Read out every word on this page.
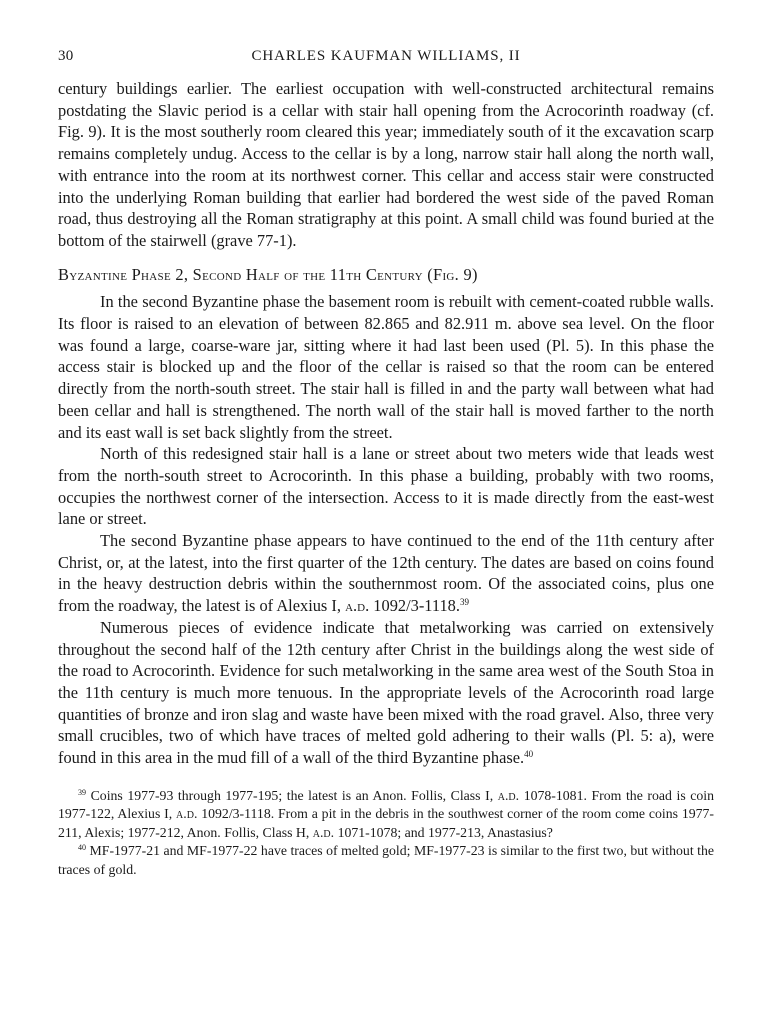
30	CHARLES KAUFMAN WILLIAMS, II

century buildings earlier. The earliest occupation with well-constructed architectural remains postdating the Slavic period is a cellar with stair hall opening from the Acrocorinth roadway (cf. Fig. 9). It is the most southerly room cleared this year; immediately south of it the excavation scarp remains completely undug. Access to the cellar is by a long, narrow stair hall along the north wall, with entrance into the room at its northwest corner. This cellar and access stair were constructed into the underlying Roman building that earlier had bordered the west side of the paved Roman road, thus destroying all the Roman stratigraphy at this point. A small child was found buried at the bottom of the stairwell (grave 77-1).

Byzantine Phase 2, Second Half of the 11th Century (Fig. 9)

In the second Byzantine phase the basement room is rebuilt with cement-coated rubble walls. Its floor is raised to an elevation of between 82.865 and 82.911 m. above sea level. On the floor was found a large, coarse-ware jar, sitting where it had last been used (Pl. 5). In this phase the access stair is blocked up and the floor of the cellar is raised so that the room can be entered directly from the north-south street. The stair hall is filled in and the party wall between what had been cellar and hall is strengthened. The north wall of the stair hall is moved farther to the north and its east wall is set back slightly from the street.

North of this redesigned stair hall is a lane or street about two meters wide that leads west from the north-south street to Acrocorinth. In this phase a building, probably with two rooms, occupies the northwest corner of the intersection. Access to it is made directly from the east-west lane or street.

The second Byzantine phase appears to have continued to the end of the 11th century after Christ, or, at the latest, into the first quarter of the 12th century. The dates are based on coins found in the heavy destruction debris within the southernmost room. Of the associated coins, plus one from the roadway, the latest is of Alexius I, a.d. 1092/3-1118.39

Numerous pieces of evidence indicate that metalworking was carried on extensively throughout the second half of the 12th century after Christ in the buildings along the west side of the road to Acrocorinth. Evidence for such metalworking in the same area west of the South Stoa in the 11th century is much more tenuous. In the appropriate levels of the Acrocorinth road large quantities of bronze and iron slag and waste have been mixed with the road gravel. Also, three very small crucibles, two of which have traces of melted gold adhering to their walls (Pl. 5: a), were found in this area in the mud fill of a wall of the third Byzantine phase.$^{40}$

$^{39}$ Coins 1977-93 through 1977-195; the latest is an Anon. Follis, Class I, a.d. 1078-1081. From the road is coin 1977-122, Alexius I, a.d. 1092/3-1118. From a pit in the debris in the southwest corner of the room come coins 1977-211, Alexis; 1977-212, Anon. Follis, Class H, a.d. 1071-1078; and 1977-213, Anastasius?

$^{40}$ MF-1977-21 and MF-1977-22 have traces of melted gold; MF-1977-23 is similar to the first two, but without the traces of gold.
